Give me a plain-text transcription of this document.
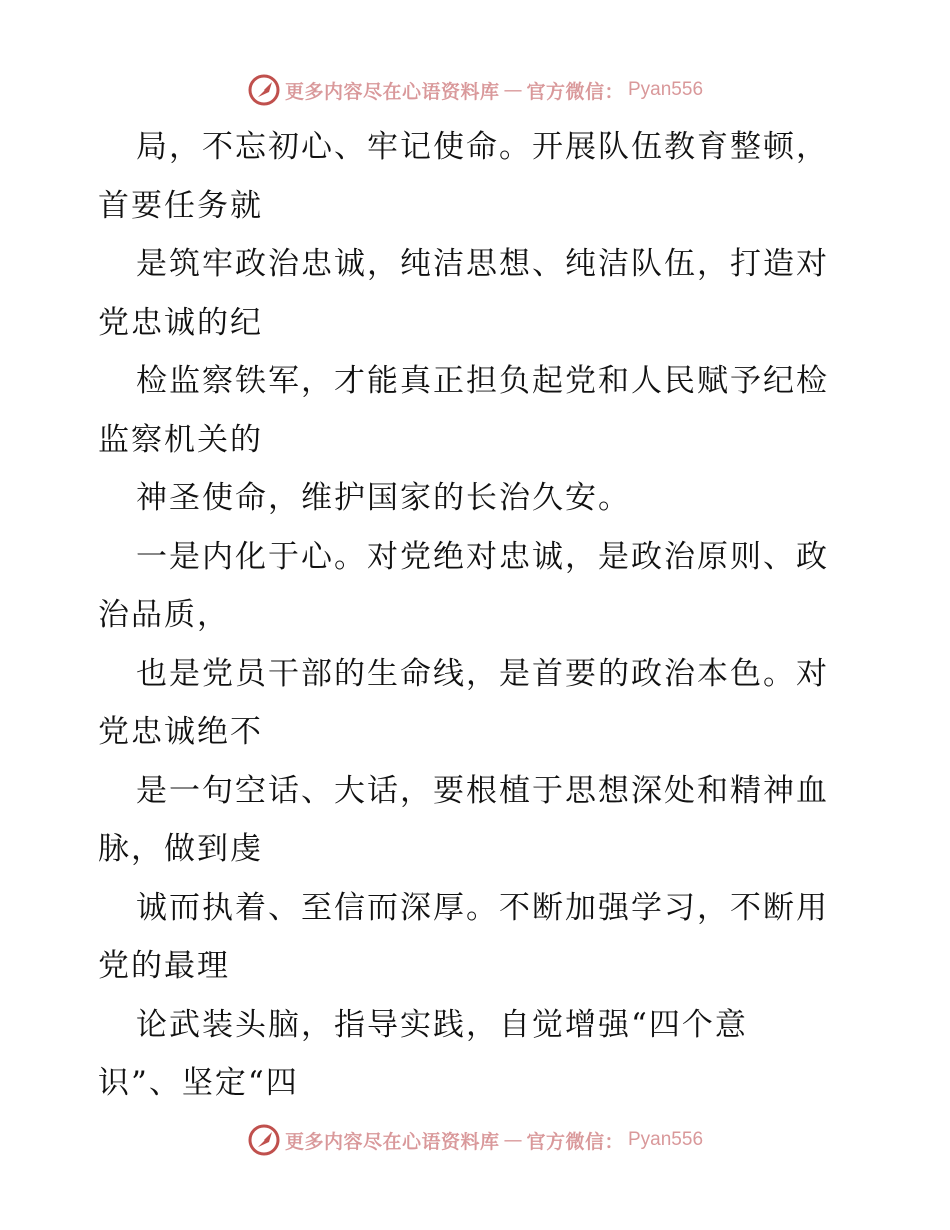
更多内容尽在心语资料库 — 官方微信： Pyan556
局，不忘初心、牢记使命。开展队伍教育整顿，
首要任务就
是筑牢政治忠诚，纯洁思想、纯洁队伍，打造对
党忠诚的纪
检监察铁军，才能真正担负起党和人民赋予纪检
监察机关的
神圣使命，维护国家的长治久安。
一是内化于心。对党绝对忠诚，是政治原则、政
治品质，
也是党员干部的生命线，是首要的政治本色。对
党忠诚绝不
是一句空话、大话，要根植于思想深处和精神血
脉，做到虔
诚而执着、至信而深厚。不断加强学习，不断用
党的最理
论武装头脑，指导实践，自觉增强“四个意
识”、坚定“四
更多内容尽在心语资料库 — 官方微信： Pyan556
